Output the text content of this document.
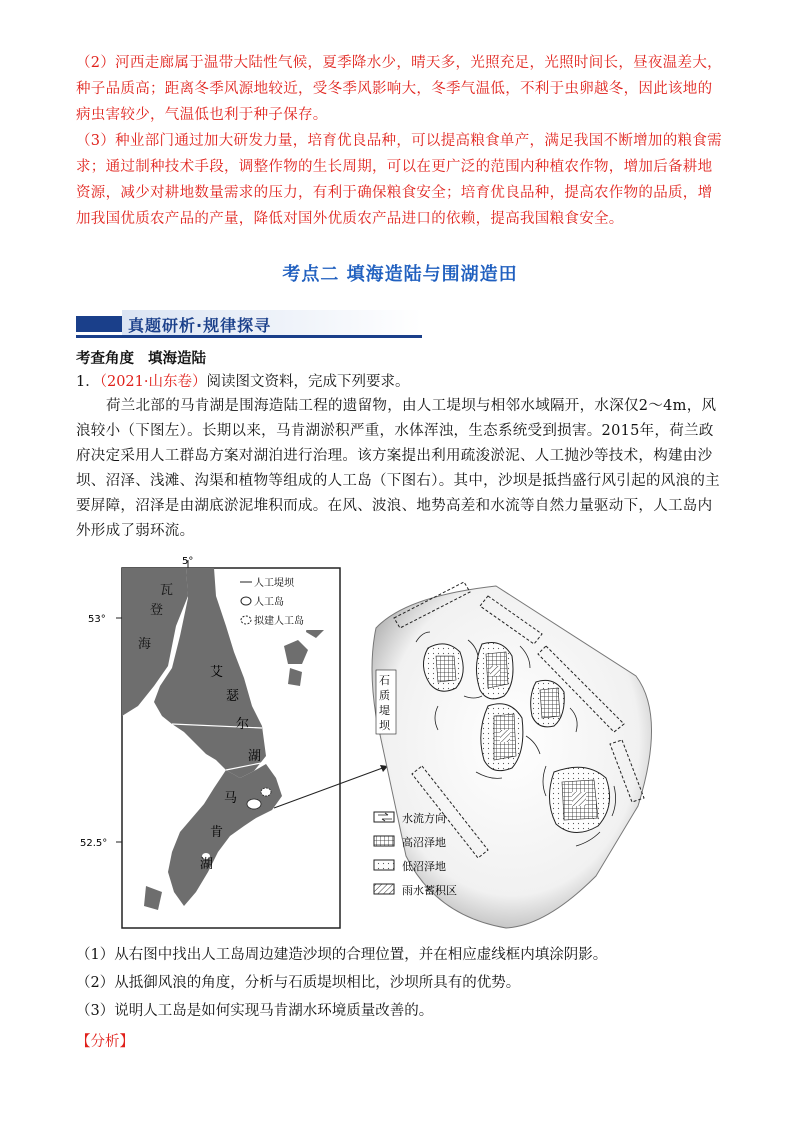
（2）河西走廊属于温带大陆性气候，夏季降水少，晴天多，光照充足，光照时间长，昼夜温差大，种子品质高；距离冬季风源地较近，受冬季风影响大，冬季气温低，不利于虫卵越冬，因此该地的病虫害较少，气温低也利于种子保存。
（3）种业部门通过加大研发力量，培育优良品种，可以提高粮食单产，满足我国不断增加的粮食需求；通过制种技术手段，调整作物的生长周期，可以在更广泛的范围内种植农作物，增加后备耕地资源，减少对耕地数量需求的压力，有利于确保粮食安全；培育优良品种，提高农作物的品质，增加我国优质农产品的产量，降低对国外优质农产品进口的依赖，提高我国粮食安全。
考点二 填海造陆与围湖造田
真题研析·规律探寻
考查角度 填海造陆
1．（2021·山东卷）阅读图文资料，完成下列要求。
荷兰北部的马肯湖是围海造陆工程的遗留物，由人工堤坝与相邻水域隔开，水深仅2～4m，风浪较小（下图左）。长期以来，马肯湖淤积严重，水体浑浊，生态系统受到损害。2015年，荷兰政府决定采用人工群岛方案对湖泊进行治理。该方案提出利用疏浚淤泥、人工抛沙等技术，构建由沙坝、沼泽、浅滩、沟渠和植物等组成的人工岛（下图右）。其中，沙坝是抵挡盛行风引起的风浪的主要屏障，沼泽是由湖底淤泥堆积而成。在风、波浪、地势高差和水流等自然力量驱动下，人工岛内外形成了弱环流。
5°
53°
52.5°
瓦
登
海
艾
瑟
尔
湖
马
肯
湖
人工堤坝
人工岛
拟建人工岛
石
质
堤
坝
水流方向
高沼泽地
低沼泽地
雨水蓄积区
（1）从右图中找出人工岛周边建造沙坝的合理位置，并在相应虚线框内填涂阴影。
（2）从抵御风浪的角度，分析与石质堤坝相比，沙坝所具有的优势。
（3）说明人工岛是如何实现马肯湖水环境质量改善的。
【分析】
